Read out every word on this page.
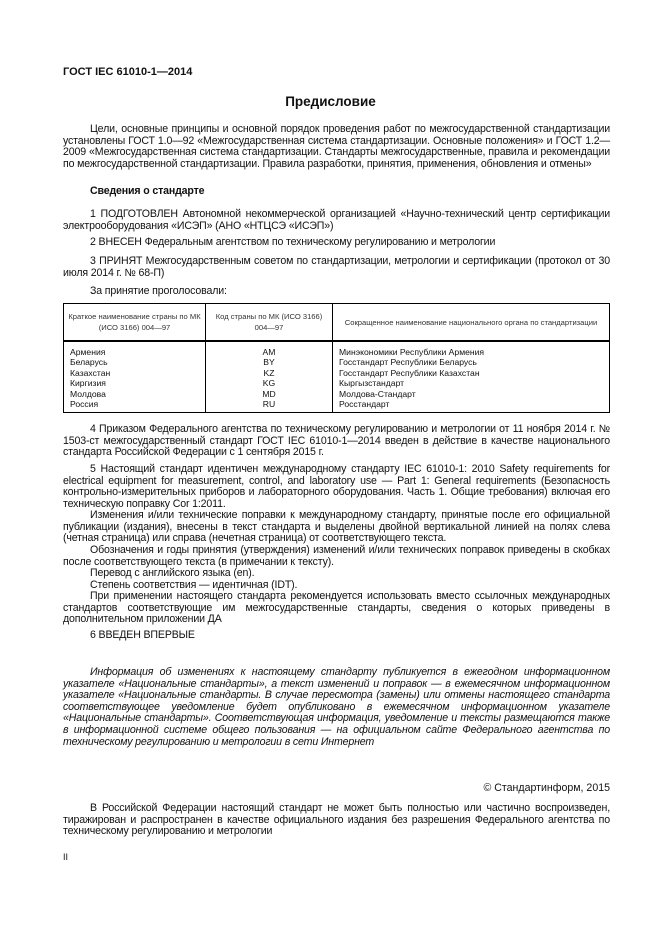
ГОСТ IEC 61010-1—2014
Предисловие

Цели, основные принципы и основной порядок проведения работ по межгосударственной стандартизации установлены ГОСТ 1.0—92 «Межгосударственная система стандартизации. Основные положения» и ГОСТ 1.2—2009 «Межгосударственная система стандартизации. Стандарты межгосударственные, правила и рекомендации по межгосударственной стандартизации. Правила разработки, принятия, применения, обновления и отмены»

Сведения о стандарте

1 ПОДГОТОВЛЕН Автономной некоммерческой организацией «Научно-технический центр сертификации электрооборудования «ИСЭП» (АНО «НТЦСЭ «ИСЭП»)

2 ВНЕСЕН Федеральным агентством по техническому регулированию и метрологии

3 ПРИНЯТ Межгосударственным советом по стандартизации, метрологии и сертификации (протокол от 30 июля 2014 г. № 68-П)

За принятие проголосовали:

Краткое наименование страны по МК (ИСО 3166) 004—97	Код страны по МК (ИСО 3166) 004—97	Сокращенное наименование национального органа по стандартизации
Армения	AM	Минэкономики Республики Армения
Беларусь	BY	Госстандарт Республики Беларусь
Казахстан	KZ	Госстандарт Республики Казахстан
Киргизия	KG	Кыргызстандарт
Молдова	MD	Молдова-Стандарт
Россия	RU	Росстандарт

4 Приказом Федерального агентства по техническому регулированию и метрологии от 11 ноября 2014 г. № 1503-ст межгосударственный стандарт ГОСТ IEC 61010-1—2014 введен в действие в качестве национального стандарта Российской Федерации с 1 сентября 2015 г.

5 Настоящий стандарт идентичен международному стандарту IEC 61010-1: 2010 Safety requirements for electrical equipment for measurement, control, and laboratory use — Part 1: General requirements (Безопасность контрольно-измерительных приборов и лабораторного оборудования. Часть 1. Общие требования) включая его техническую поправку Cor 1:2011.

Изменения и/или технические поправки к международному стандарту, принятые после его официальной публикации (издания), внесены в текст стандарта и выделены двойной вертикальной линией на полях слева (четная страница) или справа (нечетная страница) от соответствующего текста.

Обозначения и годы принятия (утверждения) изменений и/или технических поправок приведены в скобках после соответствующего текста (в примечании к тексту).

Перевод с английского языка (en).

Степень соответствия — идентичная (IDT).

При применении настоящего стандарта рекомендуется использовать вместо ссылочных международных стандартов соответствующие им межгосударственные стандарты, сведения о которых приведены в дополнительном приложении ДА

6 ВВЕДЕН ВПЕРВЫЕ

Информация об изменениях к настоящему стандарту публикуется в ежегодном информационном указателе «Национальные стандарты», а текст изменений и поправок — в ежемесячном информационном указателе «Национальные стандарты. В случае пересмотра (замены) или отмены настоящего стандарта соответствующее уведомление будет опубликовано в ежемесячном информационном указателе «Национальные стандарты». Соответствующая информация, уведомление и тексты размещаются также в информационной системе общего пользования — на официальном сайте Федерального агентства по техническому регулированию и метрологии в сети Интернет

© Стандартинформ, 2015

В Российской Федерации настоящий стандарт не может быть полностью или частично воспроизведен, тиражирован и распространен в качестве официального издания без разрешения Федерального агентства по техническому регулированию и метрологии

II
